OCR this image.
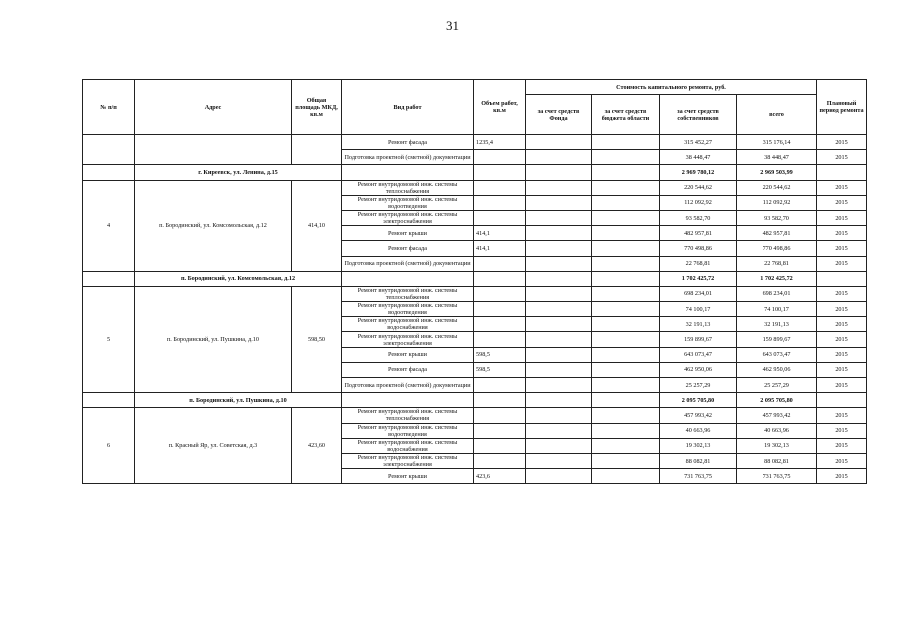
31
№ п/п	Адрес	Общая площадь МКД, кв.м	Вид работ	Объем работ, кв.м	Стоимость капитального ремонта, руб.				Плановый период ремонта
					за счет средств Фонда	за счет средств бюджета области	за счет средств собственников	всего	
			Ремонт фасада	1235,4			315 452,27	315 176,14	2015
			Подготовка проектной (сметной) документации				38 448,47	38 448,47	2015
	г. Киреевск, ул. Ленина, д.15						2 969 780,12	2 969 503,99	
4	п. Бородинский, ул. Комсомольская, д.12	414,10	Ремонт внутридомовой инж. системы теплоснабжения				220 544,62	220 544,62	2015
			Ремонт внутридомовой инж. системы водоотведения				112 092,92	112 092,92	2015
			Ремонт внутридомовой инж. системы электроснабжения				93 582,70	93 582,70	2015
			Ремонт крыши	414,1			482 957,81	482 957,81	2015
			Ремонт фасада	414,1			770 498,86	770 498,86	2015
			Подготовка проектной (сметной) документации				22 768,81	22 768,81	2015
	п. Бородинский, ул. Комсомольская, д.12						1 702 425,72	1 702 425,72	
5	п. Бородинский, ул. Пушкина, д.10	598,50	Ремонт внутридомовой инж. системы теплоснабжения				698 234,01	698 234,01	2015
			Ремонт внутридомовой инж. системы водоотведения				74 100,17	74 100,17	2015
			Ремонт внутридомовой инж. системы водоснабжения				32 191,13	32 191,13	2015
			Ремонт внутридомовой инж. системы электроснабжения				159 899,67	159 899,67	2015
			Ремонт крыши	598,5			643 073,47	643 073,47	2015
			Ремонт фасада	598,5			462 950,06	462 950,06	2015
			Подготовка проектной (сметной) документации				25 257,29	25 257,29	2015
	п. Бородинский, ул. Пушкина, д.10						2 095 705,80	2 095 705,80	
6	п. Красный Яр, ул. Советская, д.3	423,60	Ремонт внутридомовой инж. системы теплоснабжения				457 993,42	457 993,42	2015
			Ремонт внутридомовой инж. системы водоотведения				40 663,96	40 663,96	2015
			Ремонт внутридомовой инж. системы водоснабжения				19 302,13	19 302,13	2015
			Ремонт внутридомовой инж. системы электроснабжения				88 082,81	88 082,81	2015
			Ремонт крыши	423,6			731 763,75	731 763,75	2015
